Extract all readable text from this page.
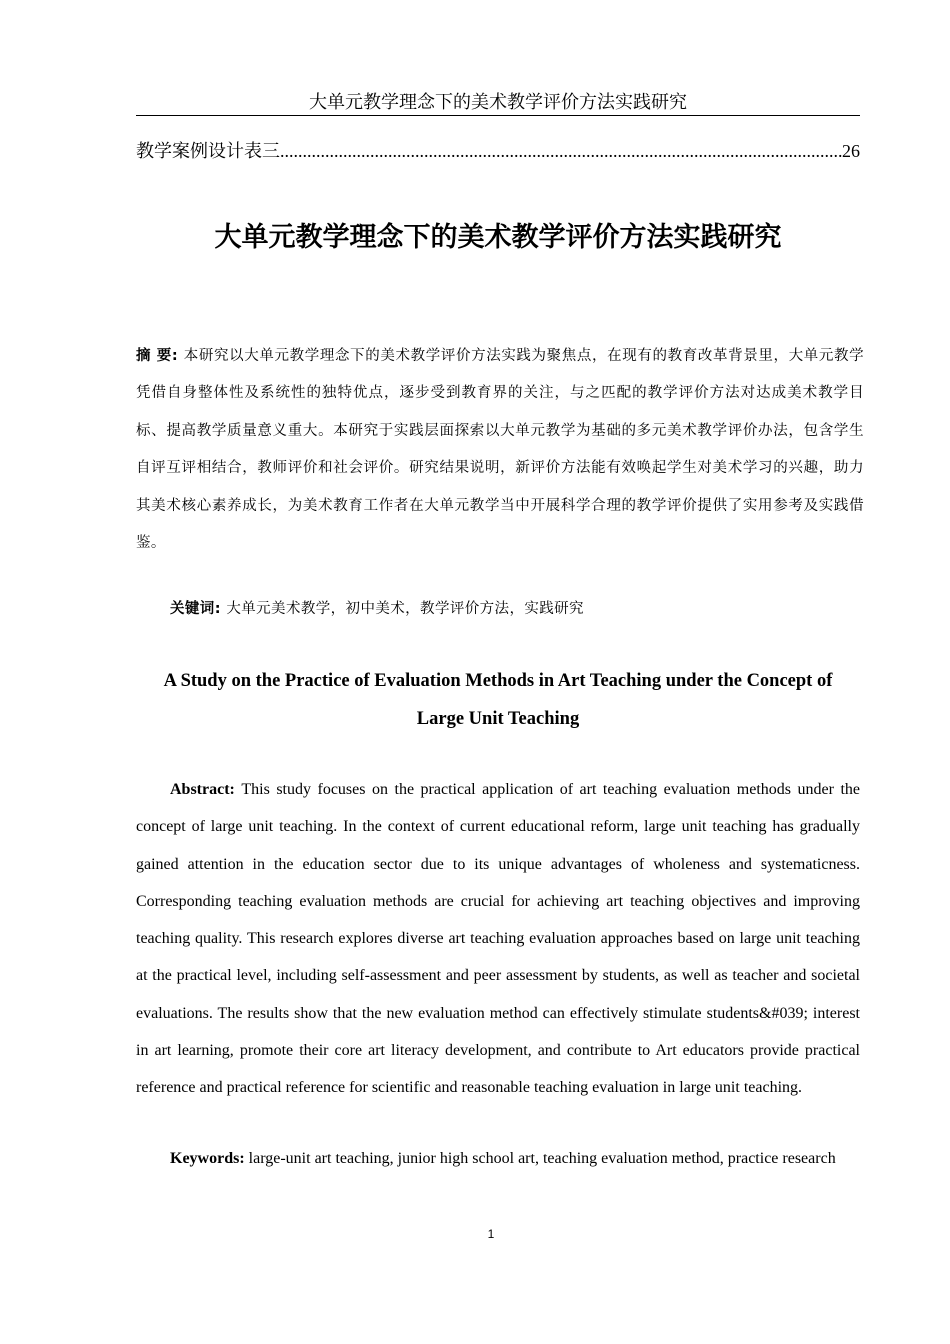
大单元教学理念下的美术教学评价方法实践研究
教学案例设计表三
.....	26
大单元教学理念下的美术教学评价方法实践研究
摘 要: 本研究以大单元教学理念下的美术教学评价方法实践为聚焦点，在现有的教育改革背景里，大单元教学凭借自身整体性及系统性的独特优点，逐步受到教育界的关注，与之匹配的教学评价方法对达成美术教学目标、提高教学质量意义重大。本研究于实践层面探索以大单元教学为基础的多元美术教学评价办法，包含学生自评互评相结合，教师评价和社会评价。研究结果说明，新评价方法能有效唤起学生对美术学习的兴趣，助力其美术核心素养成长，为美术教育工作者在大单元教学当中开展科学合理的教学评价提供了实用参考及实践借鉴。
关键词: 大单元美术教学，初中美术，教学评价方法，实践研究
A Study on the Practice of Evaluation Methods in Art Teaching under the Concept of
Large Unit Teaching
Abstract: This study focuses on the practical application of art teaching evaluation methods under the concept of large unit teaching. In the context of current educational reform, large unit teaching has gradually gained attention in the education sector due to its unique advantages of wholeness and systematicness. Corresponding teaching evaluation methods are crucial for achieving art teaching objectives and improving teaching quality. This research explores diverse art teaching evaluation approaches based on large unit teaching at the practical level, including self-assessment and peer assessment by students, as well as teacher and societal evaluations. The results show that the new evaluation method can effectively stimulate students&#039; interest in art learning, promote their core art literacy development, and contribute to Art educators provide practical reference and practical reference for scientific and reasonable teaching evaluation in large unit teaching.
Keywords: large-unit art teaching, junior high school art, teaching evaluation method, practice research
1
